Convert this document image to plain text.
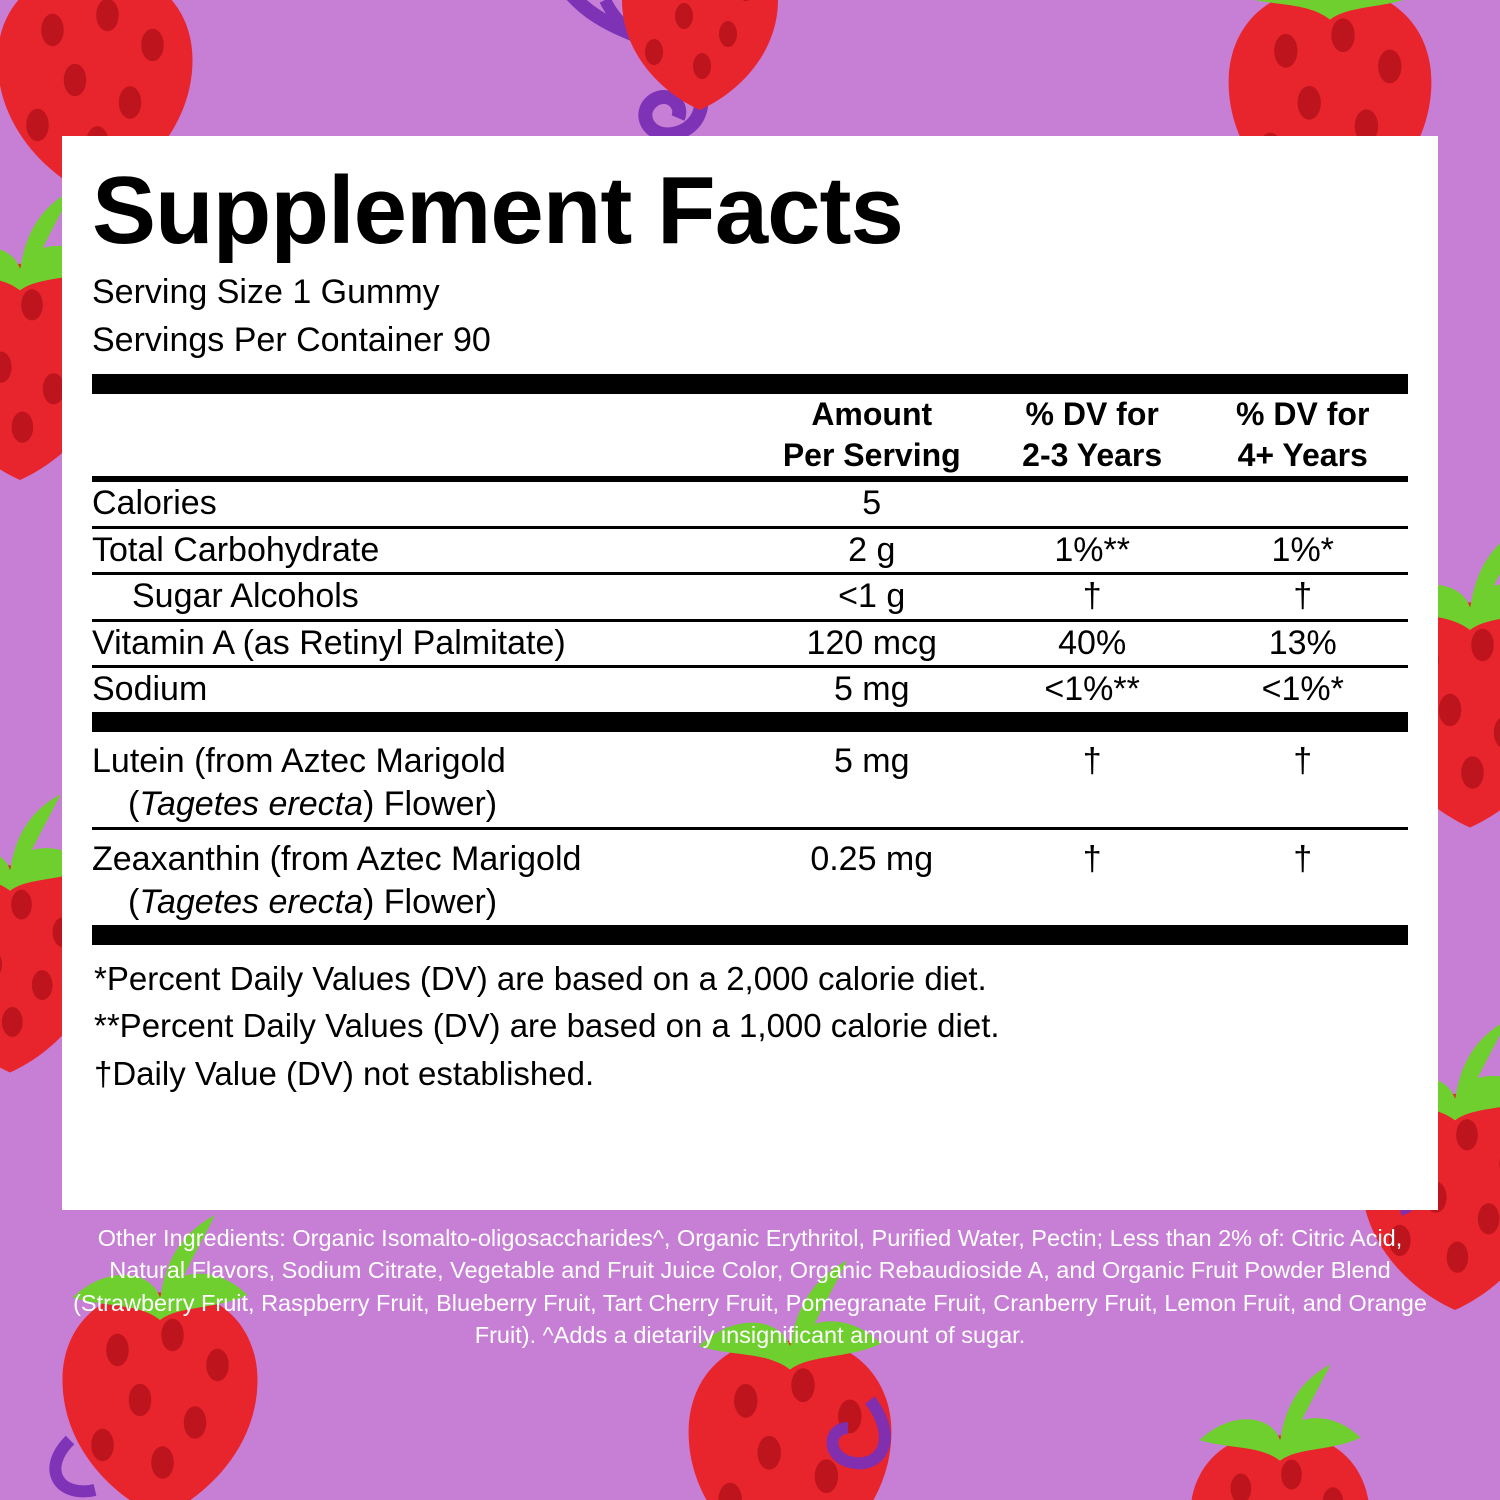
Supplement Facts
Serving Size 1 Gummy
Servings Per Container 90

Amount
Per Serving

% DV for
2-3 Years

% DV for
4+ Years

Calories	5		
Total Carbohydrate	2 g	1%**	1%*
Sugar Alcohols	<1 g	†	†
Vitamin A (as Retinyl Palmitate)	120 mcg	40%	13%
Sodium	5 mg	<1%**	<1%*

Lutein (from Aztec Marigold
(Tagetes erecta) Flower)	5 mg	†	†
Zeaxanthin (from Aztec Marigold
(Tagetes erecta) Flower)	0.25 mg	†	†

*Percent Daily Values (DV) are based on a 2,000 calorie diet.
**Percent Daily Values (DV) are based on a 1,000 calorie diet.
†Daily Value (DV) not established.
Other Ingredients: Organic Isomalto-oligosaccharides^, Organic Erythritol, Purified Water, Pectin; Less than 2% of: Citric Acid, Natural Flavors, Sodium Citrate, Vegetable and Fruit Juice Color, Organic Rebaudioside A, and Organic Fruit Powder Blend (Strawberry Fruit, Raspberry Fruit, Blueberry Fruit, Tart Cherry Fruit, Pomegranate Fruit, Cranberry Fruit, Lemon Fruit, and Orange Fruit). ^Adds a dietarily insignificant amount of sugar.
